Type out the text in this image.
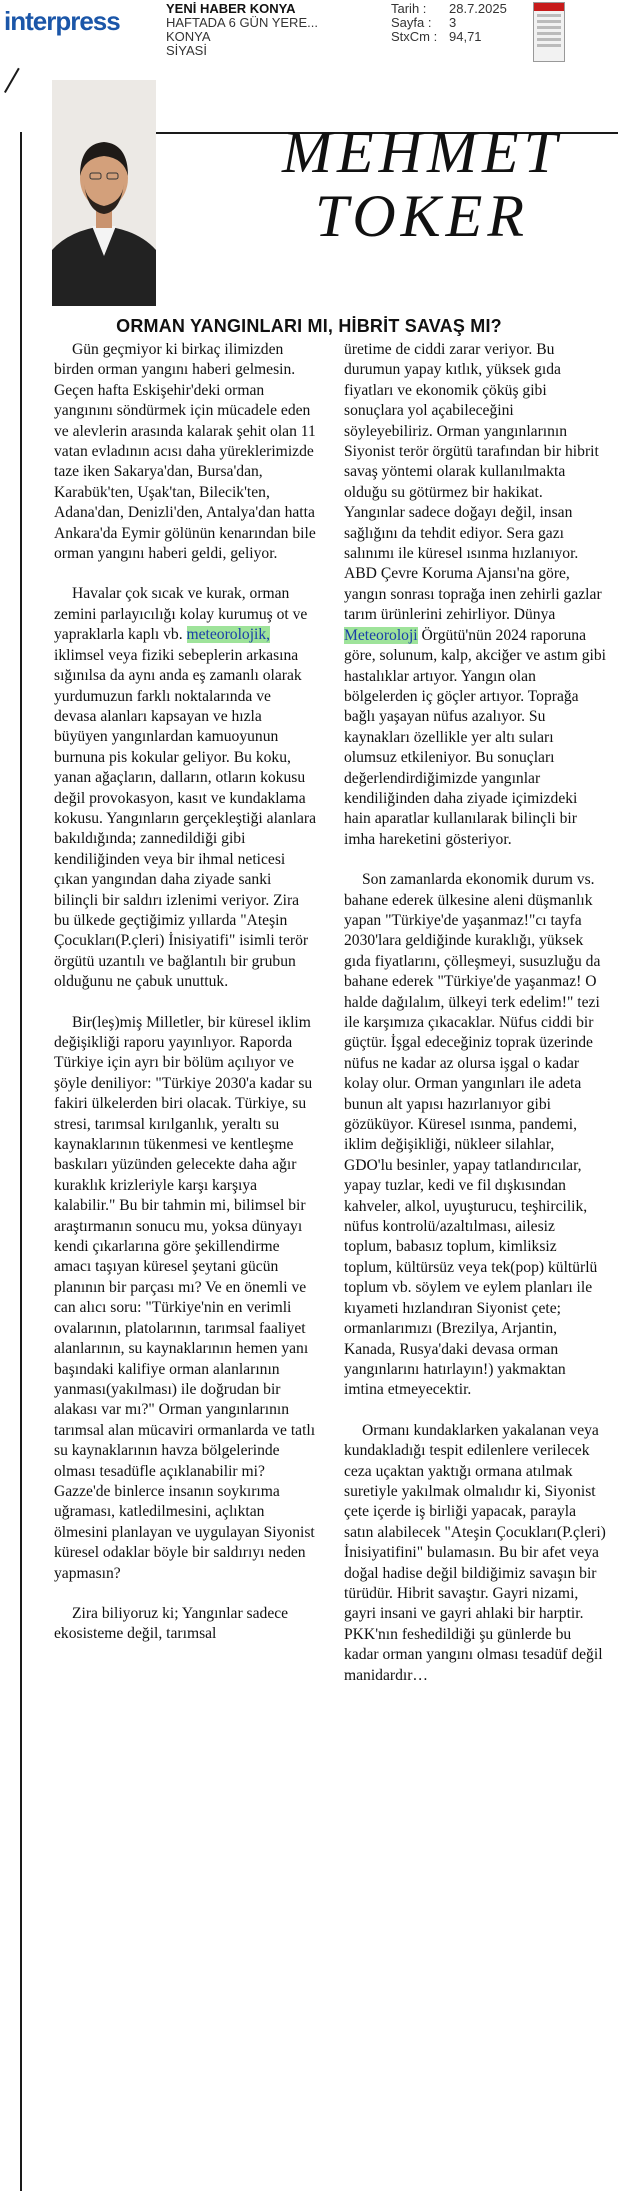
interpress	YENİ HABER KONYA
HAFTADA 6 GÜN YERE...
KONYA
SİYASİ
Tarih : 28.7.2025
Sayfa : 3
StxCm : 94,71
MEHMET
TOKER
ORMAN YANGINLARI MI, HİBRİT SAVAŞ MI?

Gün geçmiyor ki birkaç ilimizden birden orman yangını haberi gelmesin. Geçen hafta Eskişehir'deki orman yangınını söndürmek için mücadele eden ve alevlerin arasında kalarak şehit olan 11 vatan evladının acısı daha yüreklerimizde taze iken Sakarya'dan, Bursa'dan, Karabük'ten, Uşak'tan, Bilecik'ten, Adana'dan, Denizli'den, Antalya'dan hatta Ankara'da Eymir gölünün kenarından bile orman yangını haberi geldi, geliyor.

Havalar çok sıcak ve kurak, orman zemini parlayıcılığı kolay kurumuş ot ve yapraklarla kaplı vb. meteorolojik, iklimsel veya fiziki sebeplerin arkasına sığınılsa da aynı anda eş zamanlı olarak yurdumuzun farklı noktalarında ve devasa alanları kapsayan ve hızla büyüyen yangınlardan kamuoyunun burnuna pis kokular geliyor. Bu koku, yanan ağaçların, dalların, otların kokusu değil provokasyon, kasıt ve kundaklama kokusu. Yangınların gerçekleştiği alanlara bakıldığında; zannedildiği gibi kendiliğinden veya bir ihmal neticesi çıkan yangından daha ziyade sanki bilinçli bir saldırı izlenimi veriyor. Zira bu ülkede geçtiğimiz yıllarda "Ateşin Çocukları(P.çleri) İnisiyatifi" isimli terör örgütü uzantılı ve bağlantılı bir grubun olduğunu ne çabuk unuttuk.

Bir(leş)miş Milletler, bir küresel iklim değişikliği raporu yayınlıyor. Raporda Türkiye için ayrı bir bölüm açılıyor ve şöyle deniliyor: "Türkiye 2030'a kadar su fakiri ülkelerden biri olacak. Türkiye, su stresi, tarımsal kırılganlık, yeraltı su kaynaklarının tükenmesi ve kentleşme baskıları yüzünden gelecekte daha ağır kuraklık krizleriyle karşı karşıya kalabilir." Bu bir tahmin mi, bilimsel bir araştırmanın sonucu mu, yoksa dünyayı kendi çıkarlarına göre şekillendirme amacı taşıyan küresel şeytani gücün planının bir parçası mı? Ve en önemli ve can alıcı soru: "Türkiye'nin en verimli ovalarının, platolarının, tarımsal faaliyet alanlarının, su kaynaklarının hemen yanı başındaki kalifiye orman alanlarının yanması(yakılması) ile doğrudan bir alakası var mı?" Orman yangınlarının tarımsal alan mücaviri ormanlarda ve tatlı su kaynaklarının havza bölgelerinde olması tesadüfle açıklanabilir mi? Gazze'de binlerce insanın soykırıma uğraması, katledilmesini, açlıktan ölmesini planlayan ve uygulayan Siyonist küresel odaklar böyle bir saldırıyı neden yapmasın?

Zira biliyoruz ki; Yangınlar sadece ekosisteme değil, tarımsal

üretime de ciddi zarar veriyor. Bu durumun yapay kıtlık, yüksek gıda fiyatları ve ekonomik çöküş gibi sonuçlara yol açabileceğini söyleyebiliriz. Orman yangınlarının Siyonist terör örgütü tarafından bir hibrit savaş yöntemi olarak kullanılmakta olduğu su götürmez bir hakikat. Yangınlar sadece doğayı değil, insan sağlığını da tehdit ediyor. Sera gazı salınımı ile küresel ısınma hızlanıyor. ABD Çevre Koruma Ajansı'na göre, yangın sonrası toprağa inen zehirli gazlar tarım ürünlerini zehirliyor. Dünya Meteoroloji Örgütü'nün 2024 raporuna göre, solunum, kalp, akciğer ve astım gibi hastalıklar artıyor. Yangın olan bölgelerden iç göçler artıyor. Toprağa bağlı yaşayan nüfus azalıyor. Su kaynakları özellikle yer altı suları olumsuz etkileniyor. Bu sonuçları değerlendirdiğimizde yangınlar kendiliğinden daha ziyade içimizdeki hain aparatlar kullanılarak bilinçli bir imha hareketini gösteriyor.

Son zamanlarda ekonomik durum vs. bahane ederek ülkesine aleni düşmanlık yapan "Türkiye'de yaşanmaz!"cı tayfa 2030'lara geldiğinde kuraklığı, yüksek gıda fiyatlarını, çölleşmeyi, susuzluğu da bahane ederek "Türkiye'de yaşanmaz! O halde dağılalım, ülkeyi terk edelim!" tezi ile karşımıza çıkacaklar. Nüfus ciddi bir güçtür. İşgal edeceğiniz toprak üzerinde nüfus ne kadar az olursa işgal o kadar kolay olur. Orman yangınları ile adeta bunun alt yapısı hazırlanıyor gibi gözüküyor. Küresel ısınma, pandemi, iklim değişikliği, nükleer silahlar, GDO'lu besinler, yapay tatlandırıcılar, yapay tuzlar, kedi ve fil dışkısından kahveler, alkol, uyuşturucu, teşhircilik, nüfus kontrolü/azaltılması, ailesiz toplum, babasız toplum, kimliksiz toplum, kültürsüz veya tek(pop) kültürlü toplum vb. söylem ve eylem planları ile kıyameti hızlandıran Siyonist çete; ormanlarımızı (Brezilya, Arjantin, Kanada, Rusya'daki devasa orman yangınlarını hatırlayın!) yakmaktan imtina etmeyecektir.

Ormanı kundaklarken yakalanan veya kundakladığı tespit edilenlere verilecek ceza uçaktan yaktığı ormana atılmak suretiyle yakılmak olmalıdır ki, Siyonist çete içerde iş birliği yapacak, parayla satın alabilecek "Ateşin Çocukları(P.çleri) İnisiyatifini" bulamasın. Bu bir afet veya doğal hadise değil bildiğimiz savaşın bir türüdür. Hibrit savaştır. Gayri nizami, gayri insani ve gayri ahlaki bir harptir. PKK'nın feshedildiği şu günlerde bu kadar orman yangını olması tesadüf değil manidardır…
